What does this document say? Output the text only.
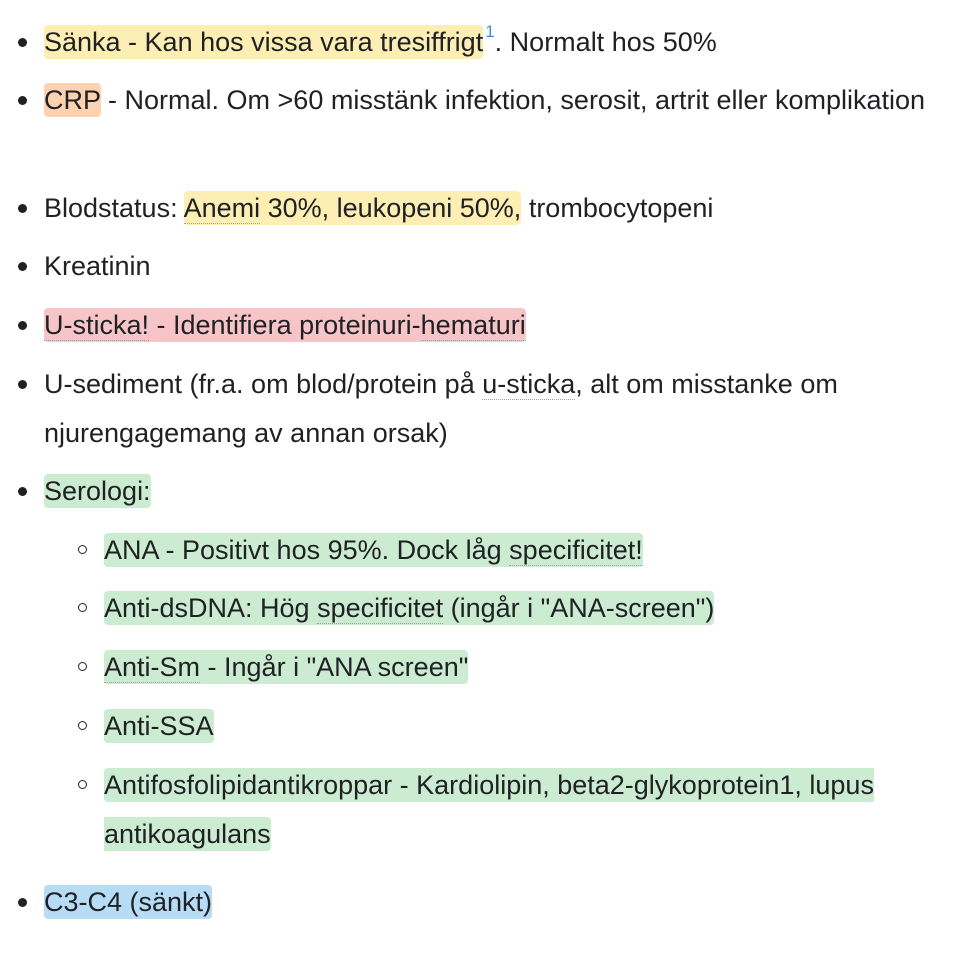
Sänka - Kan hos vissa vara tresiffrigt $^1$. Normalt hos 50%
CRP - Normal. Om >60 misstänk infektion, serosit, artrit eller komplikation
Blodstatus: Anemi 30%, leukopeni 50%, trombocytopeni
Kreatinin
U-sticka! - Identifiera proteinuri-hematuri
U-sediment (fr.a. om blod/protein på u-sticka, alt om misstanke om njurengagemang av annan orsak)
Serologi:
ANA - Positivt hos 95%. Dock låg specificitet!
Anti-dsDNA: Hög specificitet (ingår i "ANA-screen")
Anti-Sm - Ingår i "ANA screen"
Anti-SSA
Antifosfolipidantikroppar - Kardiolipin, beta2-glykoprotein1, lupus antikoagulans
C3-C4 (sänkt)
